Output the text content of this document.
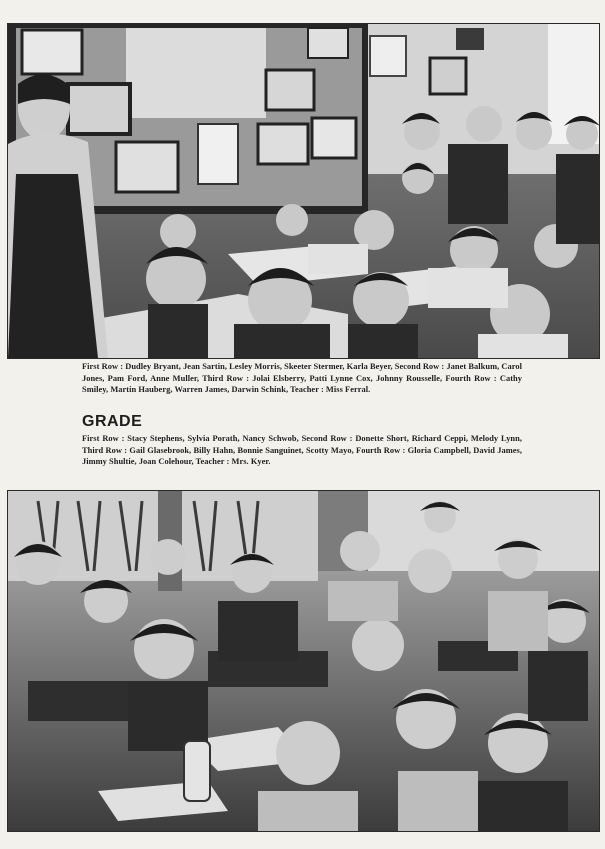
First Row : Dudley Bryant, Jean Sartin, Lesley Morris, Skeeter Stermer, Karla Beyer, Second Row : Janet Balkum, Carol Jones, Pam Ford, Anne Muller, Third Row : Jolai Elsberry, Patti Lynne Cox, Johnny Rousselle, Fourth Row : Cathy Smiley, Martin Hauberg, Warren James, Darwin Schink, Teacher : Miss Ferral.
GRADE
First Row : Stacy Stephens, Sylvia Porath, Nancy Schwob, Second Row : Donette Short, Richard Ceppi, Melody Lynn, Third Row : Gail Glasebrook, Billy Hahn, Bonnie Sanguinet, Scotty Mayo, Fourth Row : Gloria Campbell, David James, Jimmy Shultie, Joan Colehour, Teacher : Mrs. Kyer.
